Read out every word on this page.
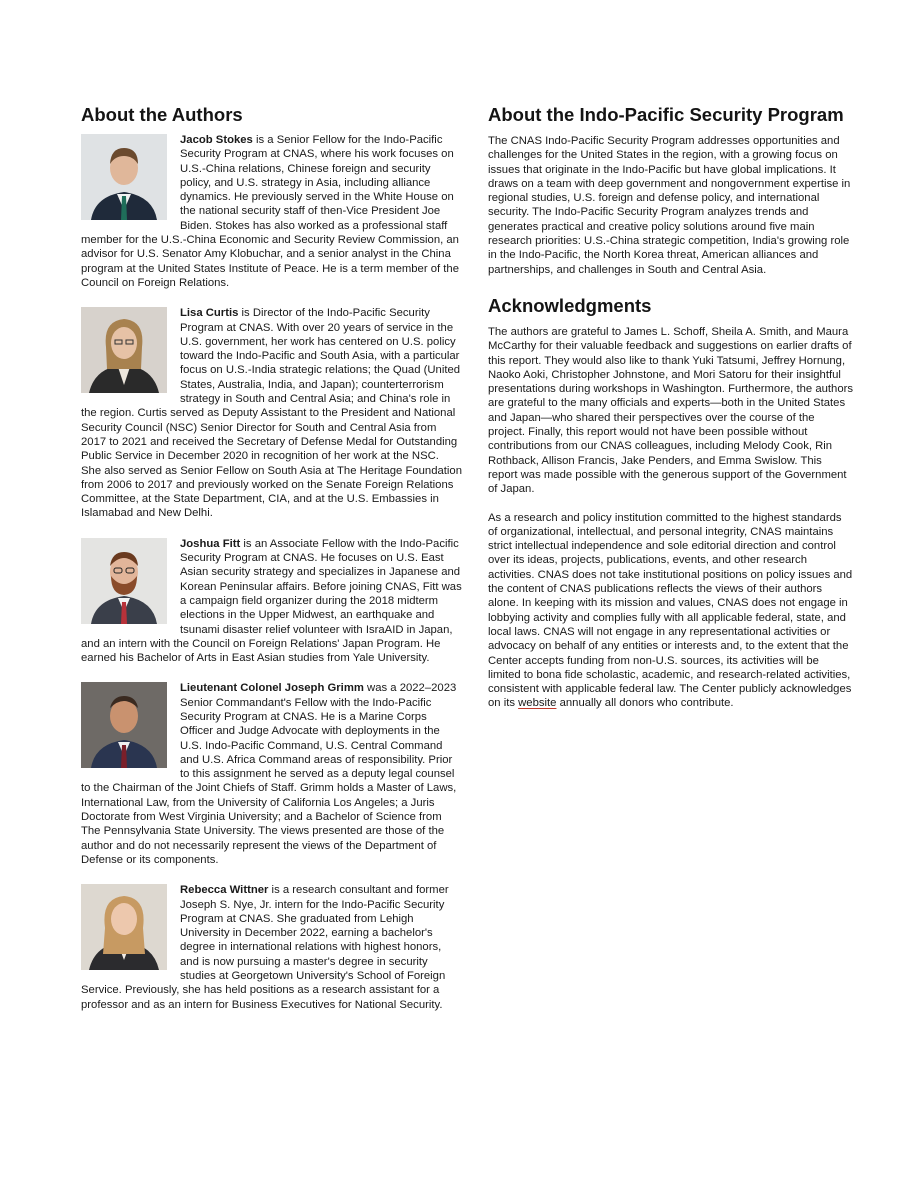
About the Authors
Jacob Stokes is a Senior Fellow for the Indo-Pacific Security Program at CNAS, where his work focuses on U.S.-China relations, Chinese foreign and security policy, and U.S. strategy in Asia, including alliance dynamics. He previously served in the White House on the national security staff of then-Vice President Joe Biden. Stokes has also worked as a professional staff member for the U.S.-China Economic and Security Review Commission, an advisor for U.S. Senator Amy Klobuchar, and a senior analyst in the China program at the United States Institute of Peace. He is a term member of the Council on Foreign Relations.
Lisa Curtis is Director of the Indo-Pacific Security Program at CNAS. With over 20 years of service in the U.S. government, her work has centered on U.S. policy toward the Indo-Pacific and South Asia, with a particular focus on U.S.-India strategic relations; the Quad (United States, Australia, India, and Japan); counterterrorism strategy in South and Central Asia; and China's role in the region. Curtis served as Deputy Assistant to the President and National Security Council (NSC) Senior Director for South and Central Asia from 2017 to 2021 and received the Secretary of Defense Medal for Outstanding Public Service in December 2020 in recognition of her work at the NSC. She also served as Senior Fellow on South Asia at The Heritage Foundation from 2006 to 2017 and previously worked on the Senate Foreign Relations Committee, at the State Department, CIA, and at the U.S. Embassies in Islamabad and New Delhi.
Joshua Fitt is an Associate Fellow with the Indo-Pacific Security Program at CNAS. He focuses on U.S. East Asian security strategy and specializes in Japanese and Korean Peninsular affairs. Before joining CNAS, Fitt was a campaign field organizer during the 2018 midterm elections in the Upper Midwest, an earthquake and tsunami disaster relief volunteer with IsraAID in Japan, and an intern with the Council on Foreign Relations' Japan Program. He earned his Bachelor of Arts in East Asian studies from Yale University.
Lieutenant Colonel Joseph Grimm was a 2022–2023 Senior Commandant's Fellow with the Indo-Pacific Security Program at CNAS. He is a Marine Corps Officer and Judge Advocate with deployments in the U.S. Indo-Pacific Command, U.S. Central Command and U.S. Africa Command areas of responsibility. Prior to this assignment he served as a deputy legal counsel to the Chairman of the Joint Chiefs of Staff. Grimm holds a Master of Laws, International Law, from the University of California Los Angeles; a Juris Doctorate from West Virginia University; and a Bachelor of Science from The Pennsylvania State University. The views presented are those of the author and do not necessarily represent the views of the Department of Defense or its components.
Rebecca Wittner is a research consultant and former Joseph S. Nye, Jr. intern for the Indo-Pacific Security Program at CNAS. She graduated from Lehigh University in December 2022, earning a bachelor's degree in international relations with highest honors, and is now pursuing a master's degree in security studies at Georgetown University's School of Foreign Service. Previously, she has held positions as a research assistant for a professor and as an intern for Business Executives for National Security.
About the Indo-Pacific Security Program

The CNAS Indo-Pacific Security Program addresses opportunities and challenges for the United States in the region, with a growing focus on issues that originate in the Indo-Pacific but have global implications. It draws on a team with deep government and nongovernment expertise in regional studies, U.S. foreign and defense policy, and international security. The Indo-Pacific Security Program analyzes trends and generates practical and creative policy solutions around five main research priorities: U.S.-China strategic competition, India's growing role in the Indo-Pacific, the North Korea threat, American alliances and partnerships, and challenges in South and Central Asia.

Acknowledgments

The authors are grateful to James L. Schoff, Sheila A. Smith, and Maura McCarthy for their valuable feedback and suggestions on earlier drafts of this report. They would also like to thank Yuki Tatsumi, Jeffrey Hornung, Naoko Aoki, Christopher Johnstone, and Mori Satoru for their insightful presentations during workshops in Washington. Furthermore, the authors are grateful to the many officials and experts—both in the United States and Japan—who shared their perspectives over the course of the project. Finally, this report would not have been possible without contributions from our CNAS colleagues, including Melody Cook, Rin Rothback, Allison Francis, Jake Penders, and Emma Swislow. This report was made possible with the generous support of the Government of Japan.

As a research and policy institution committed to the highest standards of organizational, intellectual, and personal integrity, CNAS maintains strict intellectual independence and sole editorial direction and control over its ideas, projects, publications, events, and other research activities. CNAS does not take institutional positions on policy issues and the content of CNAS publications reflects the views of their authors alone. In keeping with its mission and values, CNAS does not engage in lobbying activity and complies fully with all applicable federal, state, and local laws. CNAS will not engage in any representational activities or advocacy on behalf of any entities or interests and, to the extent that the Center accepts funding from non-U.S. sources, its activities will be limited to bona fide scholastic, academic, and research-related activities, consistent with applicable federal law. The Center publicly acknowledges on its website annually all donors who contribute.
